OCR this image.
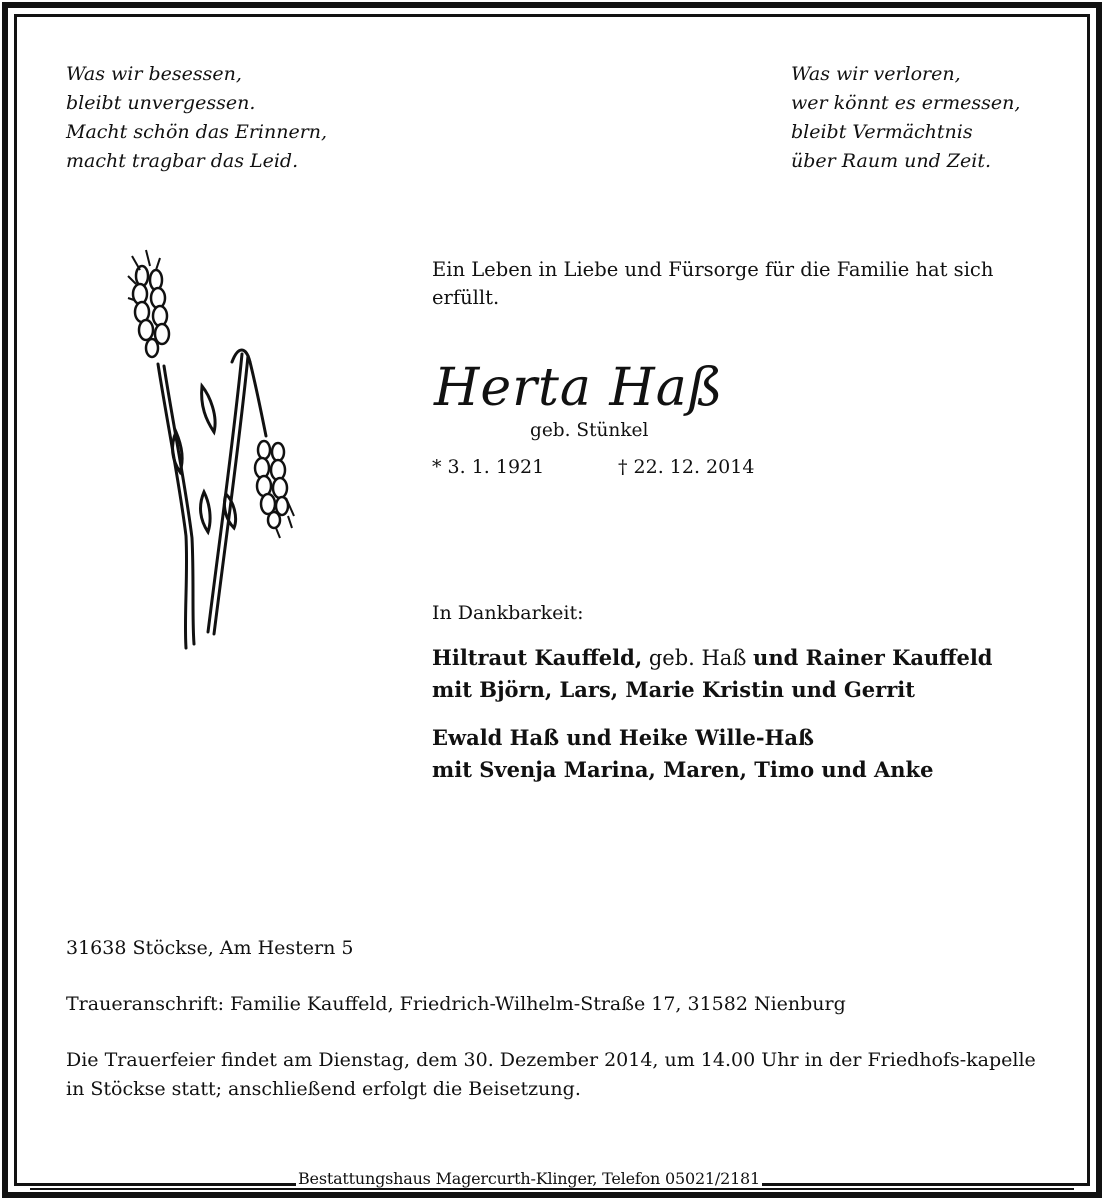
Was wir besessen,
bleibt unvergessen.
Macht schön das Erinnern,
macht tragbar das Leid.
Was wir verloren,
wer könnt es ermessen,
bleibt Vermächtnis
über Raum und Zeit.
Ein Leben in Liebe und Fürsorge für die Familie hat sich erfüllt.
Herta Haß
geb. Stünkel
* 3. 1. 1921	† 22. 12. 2014
In Dankbarkeit:
Hiltraut Kauffeld, geb. Haß und Rainer Kauffeld
mit Björn, Lars, Marie Kristin und Gerrit
Ewald Haß und Heike Wille-Haß
mit Svenja Marina, Maren, Timo und Anke
31638 Stöckse, Am Hestern 5
Traueranschrift: Familie Kauffeld, Friedrich-Wilhelm-Straße 17, 31582 Nienburg
Die Trauerfeier findet am Dienstag, dem 30. Dezember 2014, um 14.00 Uhr in der Friedhofs-kapelle in Stöckse statt; anschließend erfolgt die Beisetzung.
Bestattungshaus Magercurth-Klinger, Telefon 05021/2181
